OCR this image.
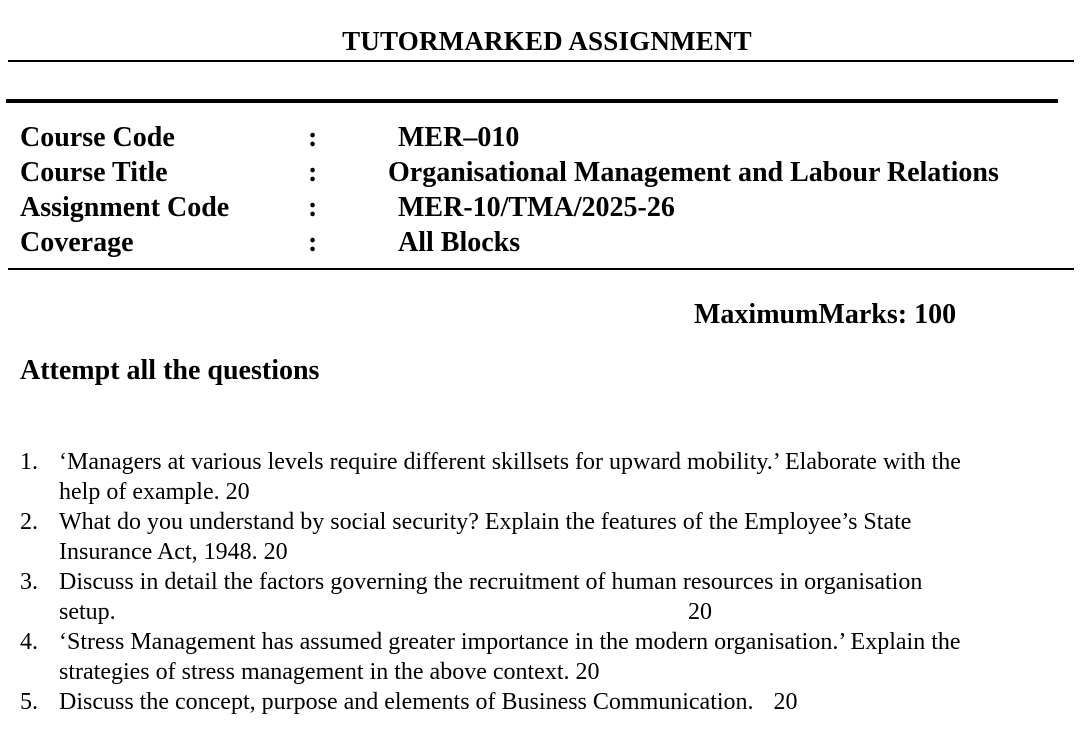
TUTORMARKED ASSIGNMENT
Course Code	:	MER–010
Course Title	:	Organisational Management and Labour Relations
Assignment Code	:	MER-10/TMA/2025-26
Coverage	:	All Blocks
MaximumMarks: 100
Attempt all the questions
1. ‘Managers at various levels require different skillsets for upward mobility.’ Elaborate with the
help of example. 20
2. What do you understand by social security? Explain the features of the Employee’s State
Insurance Act, 1948. 20
3. Discuss in detail the factors governing the recruitment of human resources in organisation
setup.	20
4. ‘Stress Management has assumed greater importance in the modern organisation.’ Explain the
strategies of stress management in the above context. 20
5. Discuss the concept, purpose and elements of Business Communication. 20
